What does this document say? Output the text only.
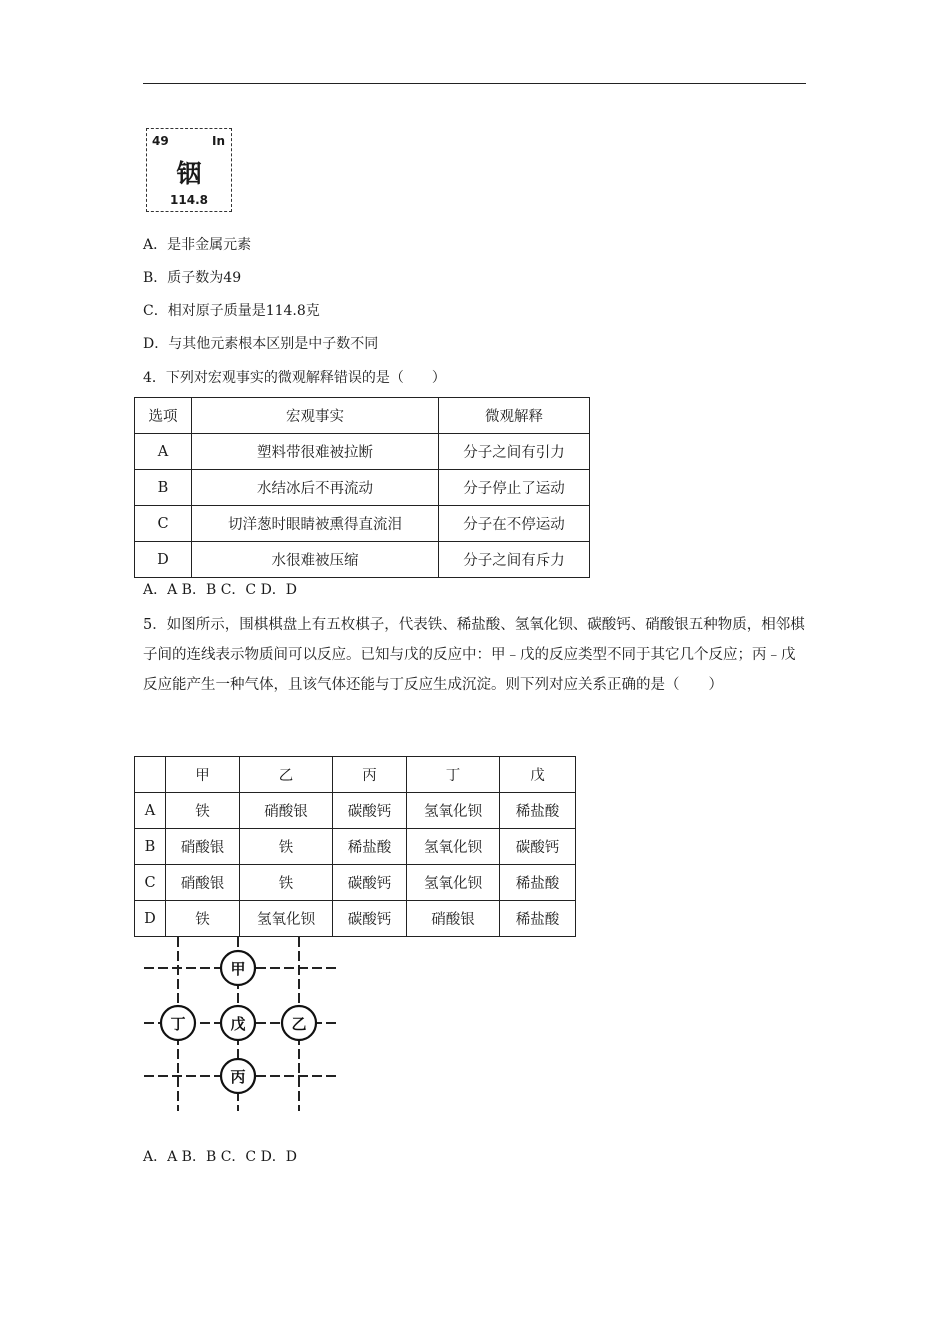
49	In
铟
114.8
A．是非金属元素
B．质子数为49
C．相对原子质量是114.8克
D．与其他元素根本区别是中子数不同
4．下列对宏观事实的微观解释错误的是（　　）
选项	宏观事实	微观解释
A	塑料带很难被拉断	分子之间有引力
B	水结冰后不再流动	分子停止了运动
C	切洋葱时眼睛被熏得直流泪	分子在不停运动
D	水很难被压缩	分子之间有斥力
A．A B．B C．C D．D
5．如图所示，围棋棋盘上有五枚棋子，代表铁、稀盐酸、氢氧化钡、碳酸钙、硝酸银五种物质，相邻棋子间的连线表示物质间可以反应。已知与戊的反应中：甲﹣戊的反应类型不同于其它几个反应；丙﹣戊反应能产生一种气体，且该气体还能与丁反应生成沉淀。则下列对应关系正确的是（　　）
	甲	乙	丙	丁	戊
A	铁	硝酸银	碳酸钙	氢氧化钡	稀盐酸
B	硝酸银	铁	稀盐酸	氢氧化钡	碳酸钙
C	硝酸银	铁	碳酸钙	氢氧化钡	稀盐酸
D	铁	氢氧化钡	碳酸钙	硝酸银	稀盐酸
甲
丁	戊	乙
丙
A．A B．B C．C D．D
